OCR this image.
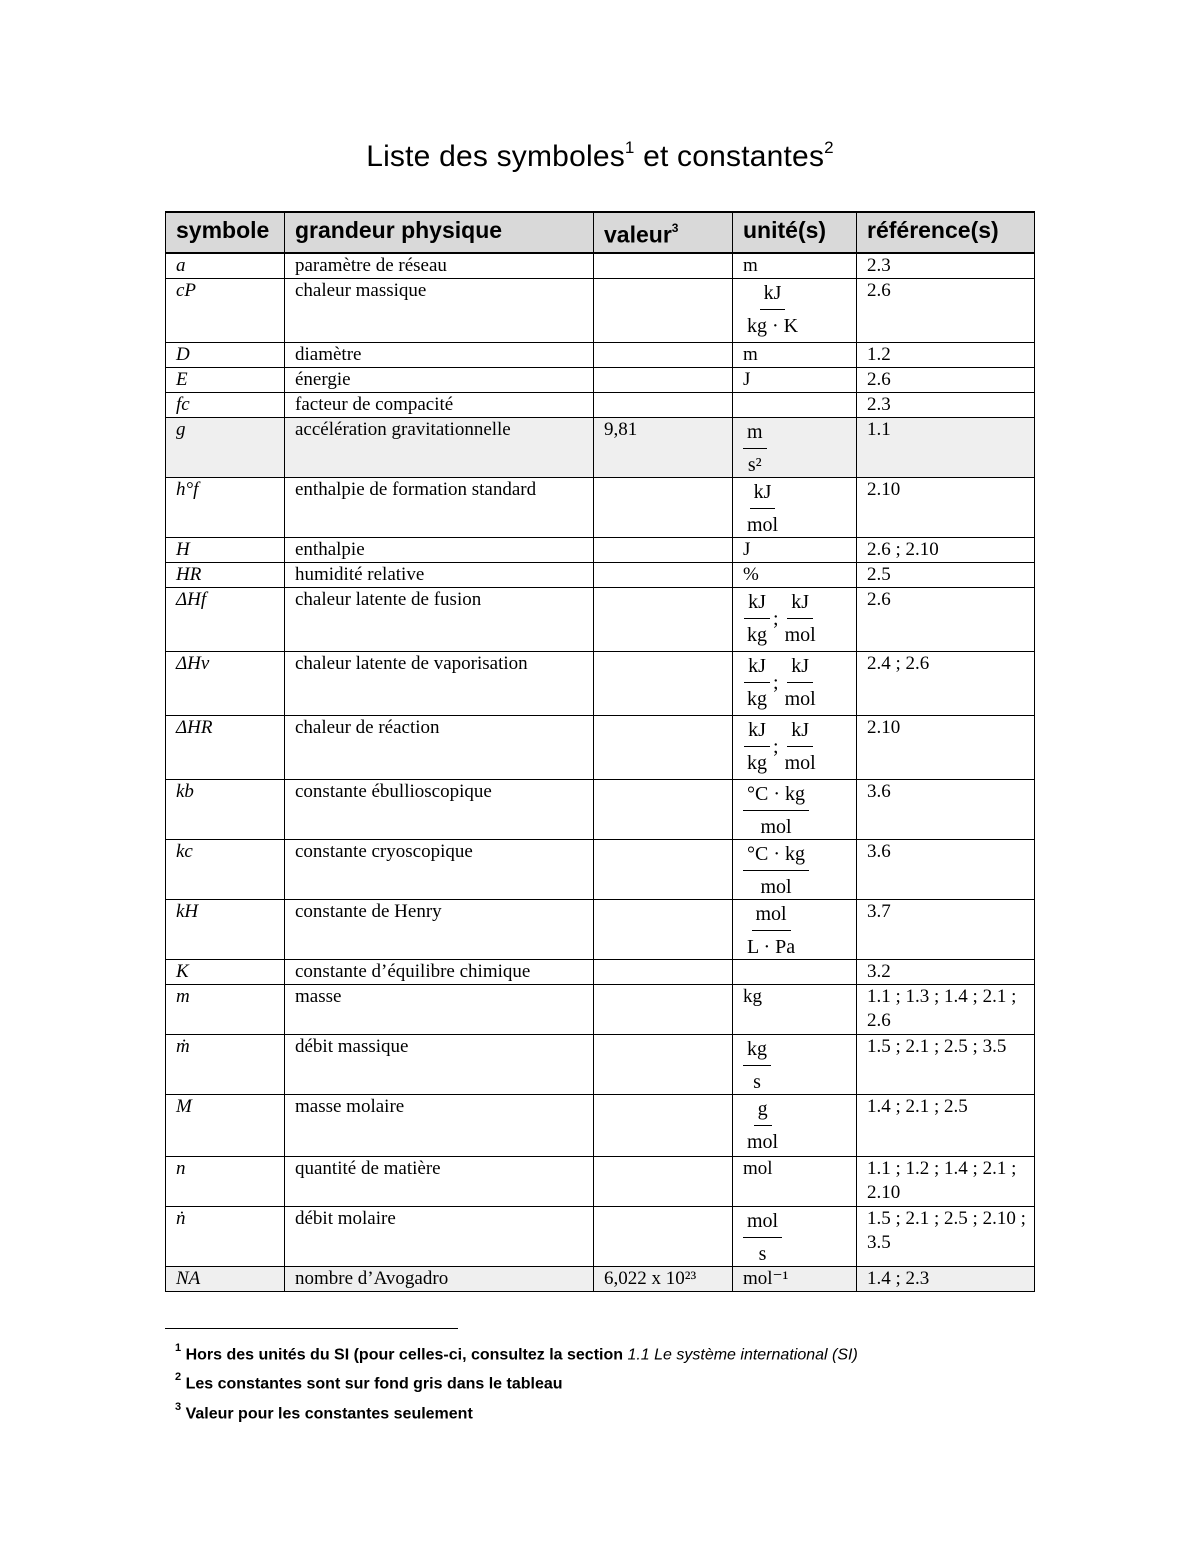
Liste des symboles$^1$ et constantes$^2$
symbole	grandeur physique	valeur$^3$	unité(s)	référence(s)
a	paramètre de réseau		m	2.3
cP	chaleur massique		$\frac{kJ}{kg \cdot K}$	2.6
D	diamètre		m	1.2
E	énergie		J	2.6
fc	facteur de compacité			2.3
g	accélération gravitationnelle	9,81	$\frac{m}{\text{s²}}$	1.1
h°f	enthalpie de formation standard		$\frac{kJ}{\text{mol}}$	2.10
H	enthalpie		J	2.6 ; 2.10
HR	humidité relative		%	2.5
ΔHf	chaleur latente de fusion		$\frac{kJ}{kg}$ ; $\frac{kJ}{\text{mol}}$	2.6
ΔHv	chaleur latente de vaporisation		$\frac{kJ}{kg}$ ; $\frac{kJ}{\text{mol}}$	2.4 ; 2.6
ΔHR	chaleur de réaction		$\frac{kJ}{kg}$ ; $\frac{kJ}{\text{mol}}$	2.10
kb	constante ébullioscopique		$\frac{^\circ C \cdot kg}{\text{mol}}$	3.6
kc	constante cryoscopique		$\frac{^\circ C \cdot kg}{\text{mol}}$	3.6
kH	constante de Henry		$\frac{\text{mol}}{L \cdot Pa}$	3.7
K	constante d’équilibre chimique			3.2
m	masse		kg	1.1 ; 1.3 ; 1.4 ; 2.1 ; 2.6
ṁ	débit massique		$\frac{kg}{s}$	1.5 ; 2.1 ; 2.5 ; 3.5
M	masse molaire		$\frac{g}{\text{mol}}$	1.4 ; 2.1 ; 2.5
n	quantité de matière		mol	1.1 ; 1.2 ; 1.4 ; 2.1 ; 2.10
ṅ	débit molaire		$\frac{\text{mol}}{s}$	1.5 ; 2.1 ; 2.5 ; 2.10 ; 3.5
NA	nombre d’Avogadro	6,022 x 10²³	mol⁻¹	1.4 ; 2.3
$^1$ Hors des unités du SI (pour celles-ci, consultez la section 1.1 Le système international (SI)
$^2$ Les constantes sont sur fond gris dans le tableau
$^3$ Valeur pour les constantes seulement
